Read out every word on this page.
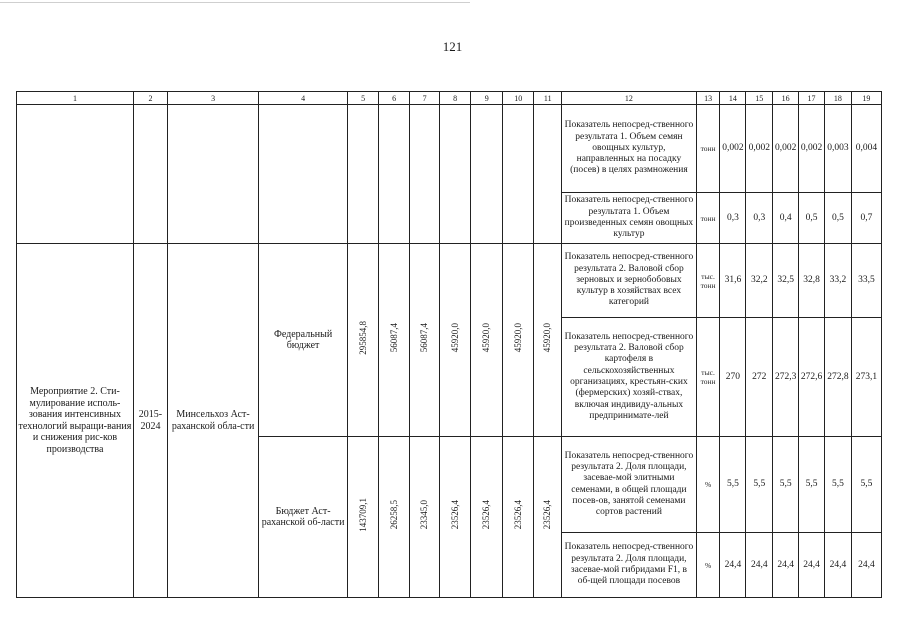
121
1	2	3	4	5	6	7	8	9	10	11	12	13	14	15	16	17	18	19
											Показатель непосред-ственного результата 1. Объем семян овощных культур, направленных на посадку (посев) в целях размножения	тонн	0,002	0,002	0,002	0,002	0,003	0,004
											Показатель непосред-ственного результата 1. Объем произведенных семян овощных культур	тонн	0,3	0,3	0,4	0,5	0,5	0,7
Мероприятие 2. Сти-мулирование исполь-зования интенсивных технологий выращи-вания и снижения рис-ков производства	2015-2024	Минсельхоз Аст-раханской обла-сти	Федеральный бюджет	295854,8	56087,4	56087,4	45920,0	45920,0	45920,0	45920,0	Показатель непосред-ственного результата 2. Валовой сбор зерновых и зернобобовых культур в хозяйствах всех категорий	тыс. тонн	31,6	32,2	32,5	32,8	33,2	33,5
											Показатель непосред-ственного результата 2. Валовой сбор картофеля в сельскохозяйственных организациях, крестьян-ских (фермерских) хозяй-ствах, включая индивиду-альных предпринимате-лей	тыс. тонн	270	272	272,3	272,6	272,8	273,1
			Бюджет Аст-раханской об-ласти	143709,1	26258,5	23345,0	23526,4	23526,4	23526,4	23526,4	Показатель непосред-ственного результата 2. Доля площади, засевае-мой элитными семенами, в общей площади посев-ов, занятой семенами сортов растений	%	5,5	5,5	5,5	5,5	5,5	5,5
											Показатель непосред-ственного результата 2. Доля площади, засевае-мой гибридами F1, в об-щей площади посевов	%	24,4	24,4	24,4	24,4	24,4	24,4
